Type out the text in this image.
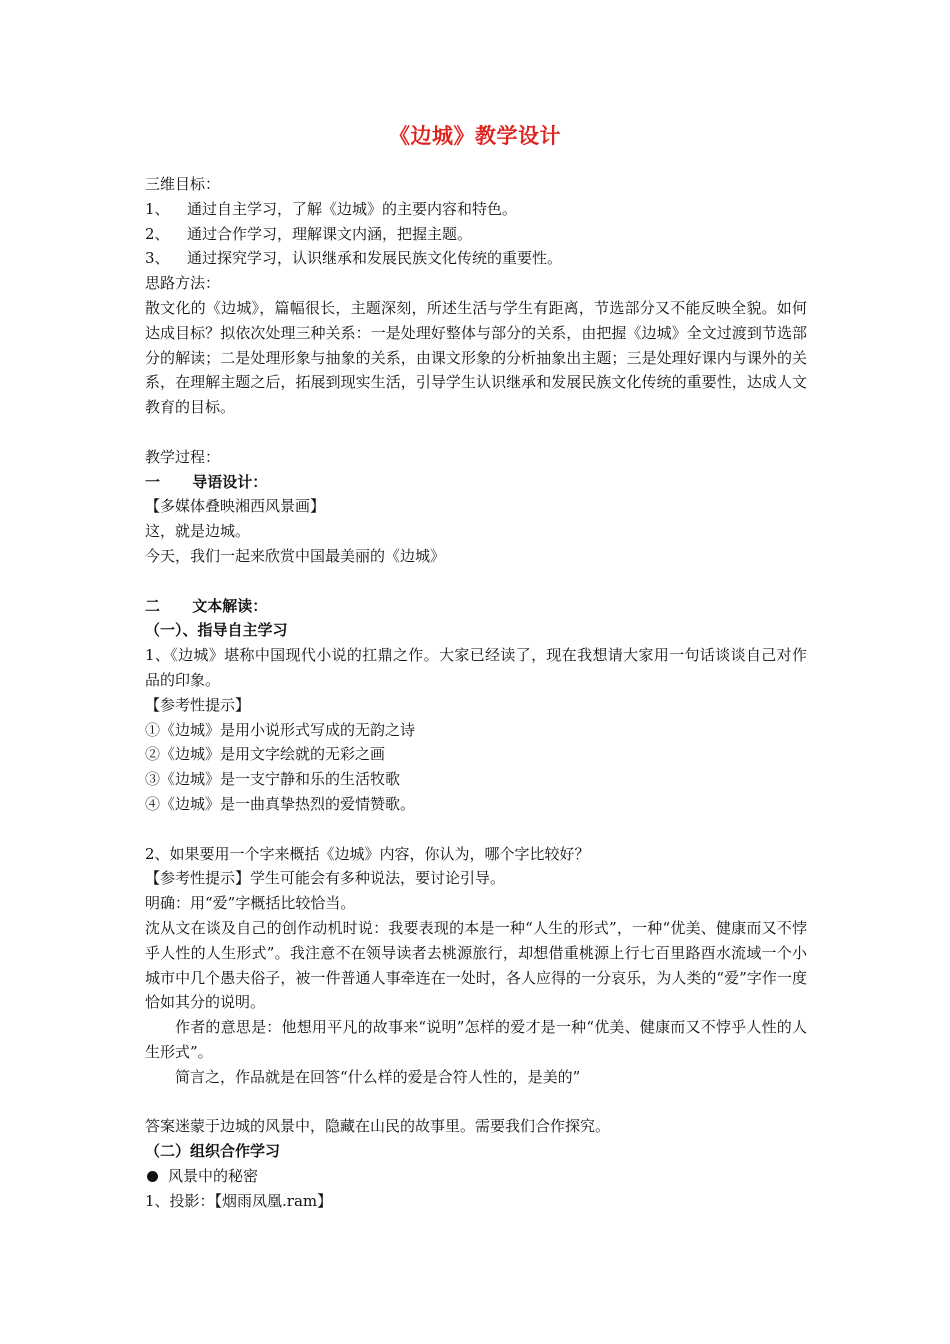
《边城》教学设计

三维目标：

1、	通过自主学习，了解《边城》的主要内容和特色。
2、	通过合作学习，理解课文内涵，把握主题。
3、	通过探究学习，认识继承和发展民族文化传统的重要性。

思路方法：

散文化的《边城》，篇幅很长，主题深刻，所述生活与学生有距离，节选部分又不能反映全貌。如何达成目标？拟依次处理三种关系：一是处理好整体与部分的关系，由把握《边城》全文过渡到节选部分的解读；二是处理形象与抽象的关系，由课文形象的分析抽象出主题；三是处理好课内与课外的关系，在理解主题之后，拓展到现实生活，引导学生认识继承和发展民族文化传统的重要性，达成人文教育的目标。

教学过程：

一 导语设计：

【多媒体叠映湘西风景画】

这，就是边城。

今天，我们一起来欣赏中国最美丽的《边城》

二 文本解读：

（一）、指导自主学习

1、《边城》堪称中国现代小说的扛鼎之作。大家已经读了，现在我想请大家用一句话谈谈自己对作品的印象。

【参考性提示】

①《边城》是用小说形式写成的无韵之诗

②《边城》是用文字绘就的无彩之画

③《边城》是一支宁静和乐的生活牧歌

④《边城》是一曲真挚热烈的爱情赞歌。

2、如果要用一个字来概括《边城》内容，你认为，哪个字比较好？

【参考性提示】学生可能会有多种说法，要讨论引导。

明确：用“爱”字概括比较恰当。

沈从文在谈及自己的创作动机时说：我要表现的本是一种“人生的形式”，一种“优美、健康而又不悖乎人性的人生形式”。我注意不在领导读者去桃源旅行，却想借重桃源上行七百里路酉水流域一个小城市中几个愚夫俗子，被一件普通人事牵连在一处时，各人应得的一分哀乐，为人类的“爱”字作一度恰如其分的说明。

作者的意思是：他想用平凡的故事来“说明”怎样的爱才是一种“优美、健康而又不悖乎人性的人生形式”。

简言之，作品就是在回答“什么样的爱是合符人性的，是美的”

答案迷蒙于边城的风景中，隐藏在山民的故事里。需要我们合作探究。

（二）组织合作学习

风景中的秘密

1、投影：【烟雨凤凰.ram】
